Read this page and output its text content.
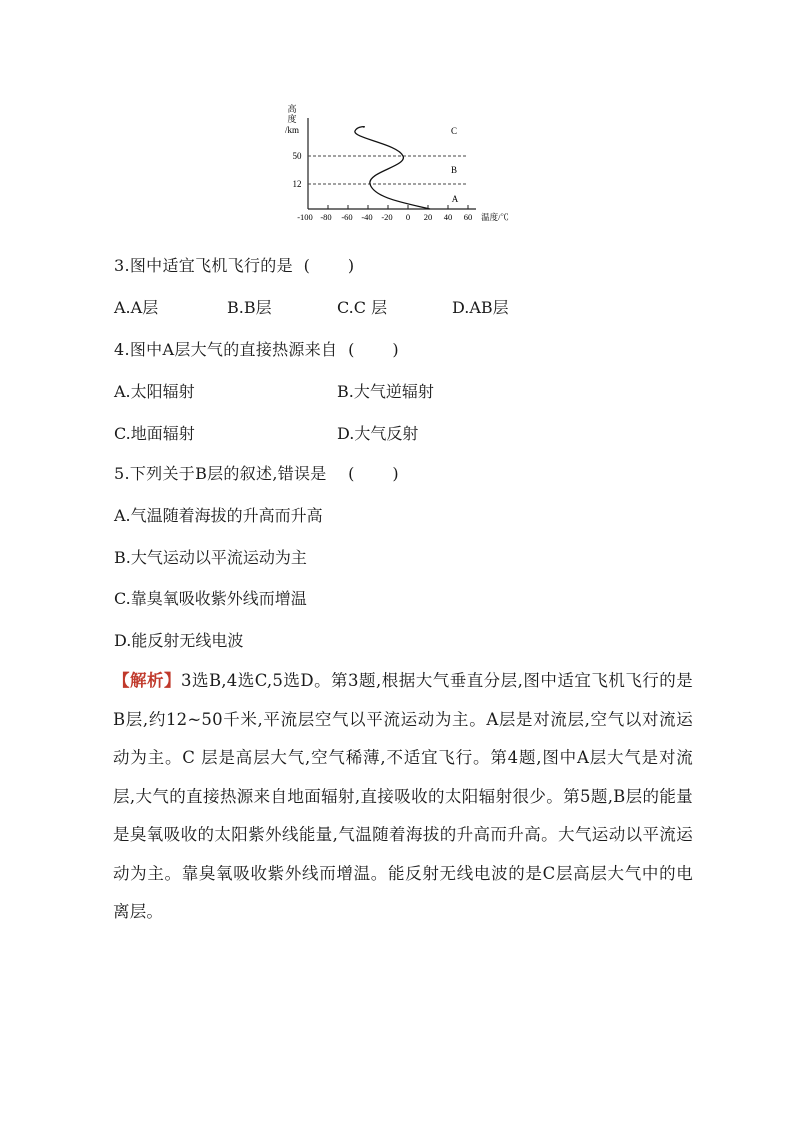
高
度
/km
50
12
-100 -80 -60 -40 -20 0 20 40 60 温度/℃
C
B
A
3.图中适宜飞机飞行的是  (       )
A.A层	B.B层	C.C 层	D.AB层
4.图中A层大气的直接热源来自  (       )
A.太阳辐射	B.大气逆辐射
C.地面辐射	D.大气反射
5.下列关于B层的叙述,错误是    (       )
A.气温随着海拔的升高而升高
B.大气运动以平流运动为主
C.靠臭氧吸收紫外线而增温
D.能反射无线电波
【解析】3选B,4选C,5选D。第3题,根据大气垂直分层,图中适宜飞机飞行的是B层,约12~50千米,平流层空气以平流运动为主。A层是对流层,空气以对流运动为主。C 层是高层大气,空气稀薄,不适宜飞行。第4题,图中A层大气是对流层,大气的直接热源来自地面辐射,直接吸收的太阳辐射很少。第5题,B层的能量是臭氧吸收的太阳紫外线能量,气温随着海拔的升高而升高。大气运动以平流运动为主。靠臭氧吸收紫外线而增温。能反射无线电波的是C层高层大气中的电离层。
